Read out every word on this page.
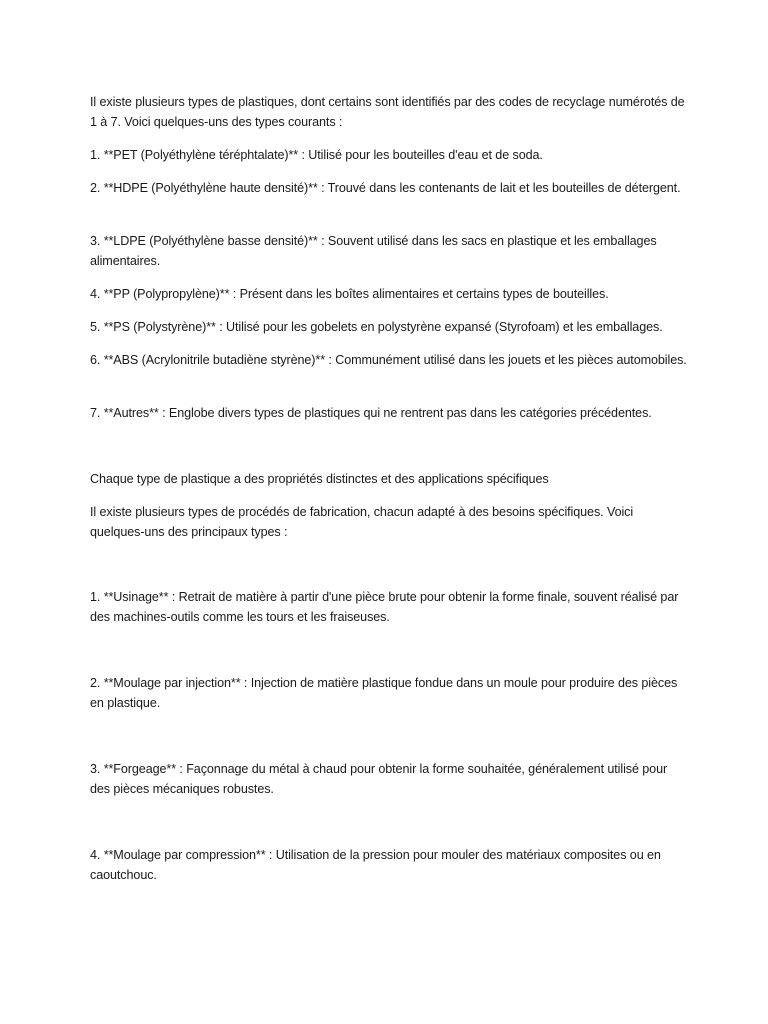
Il existe plusieurs types de plastiques, dont certains sont identifiés par des codes de recyclage numérotés de 1 à 7. Voici quelques-uns des types courants :

1. **PET (Polyéthylène téréphtalate)** : Utilisé pour les bouteilles d'eau et de soda.

2. **HDPE (Polyéthylène haute densité)** : Trouvé dans les contenants de lait et les bouteilles de détergent.

3. **LDPE (Polyéthylène basse densité)** : Souvent utilisé dans les sacs en plastique et les emballages alimentaires.

4. **PP (Polypropylène)** : Présent dans les boîtes alimentaires et certains types de bouteilles.

5. **PS (Polystyrène)** : Utilisé pour les gobelets en polystyrène expansé (Styrofoam) et les emballages.

6. **ABS (Acrylonitrile butadiène styrène)** : Communément utilisé dans les jouets et les pièces automobiles.

7. **Autres** : Englobe divers types de plastiques qui ne rentrent pas dans les catégories précédentes.

Chaque type de plastique a des propriétés distinctes et des applications spécifiques

Il existe plusieurs types de procédés de fabrication, chacun adapté à des besoins spécifiques. Voici quelques-uns des principaux types :

1. **Usinage** : Retrait de matière à partir d'une pièce brute pour obtenir la forme finale, souvent réalisé par des machines-outils comme les tours et les fraiseuses.

2. **Moulage par injection** : Injection de matière plastique fondue dans un moule pour produire des pièces en plastique.

3. **Forgeage** : Façonnage du métal à chaud pour obtenir la forme souhaitée, généralement utilisé pour des pièces mécaniques robustes.

4. **Moulage par compression** : Utilisation de la pression pour mouler des matériaux composites ou en caoutchouc.
